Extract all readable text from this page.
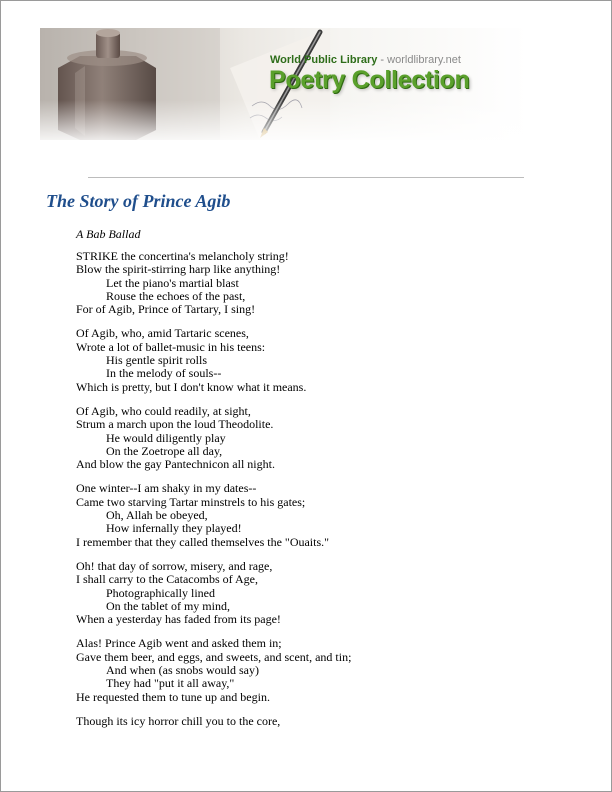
World Public Library - worldlibrary.net
Poetry Collection
The Story of Prince Agib
A Bab Ballad
STRIKE the concertina's melancholy string!
Blow the spirit-stirring harp like anything!
Let the piano's martial blast
Rouse the echoes of the past,
For of Agib, Prince of Tartary, I sing!
Of Agib, who, amid Tartaric scenes,
Wrote a lot of ballet-music in his teens:
His gentle spirit rolls
In the melody of souls--
Which is pretty, but I don't know what it means.
Of Agib, who could readily, at sight,
Strum a march upon the loud Theodolite.
He would diligently play
On the Zoetrope all day,
And blow the gay Pantechnicon all night.
One winter--I am shaky in my dates--
Came two starving Tartar minstrels to his gates;
Oh, Allah be obeyed,
How infernally they played!
I remember that they called themselves the "Ouaits."
Oh! that day of sorrow, misery, and rage,
I shall carry to the Catacombs of Age,
Photographically lined
On the tablet of my mind,
When a yesterday has faded from its page!
Alas! Prince Agib went and asked them in;
Gave them beer, and eggs, and sweets, and scent, and tin;
And when (as snobs would say)
They had "put it all away,"
He requested them to tune up and begin.
Though its icy horror chill you to the core,
